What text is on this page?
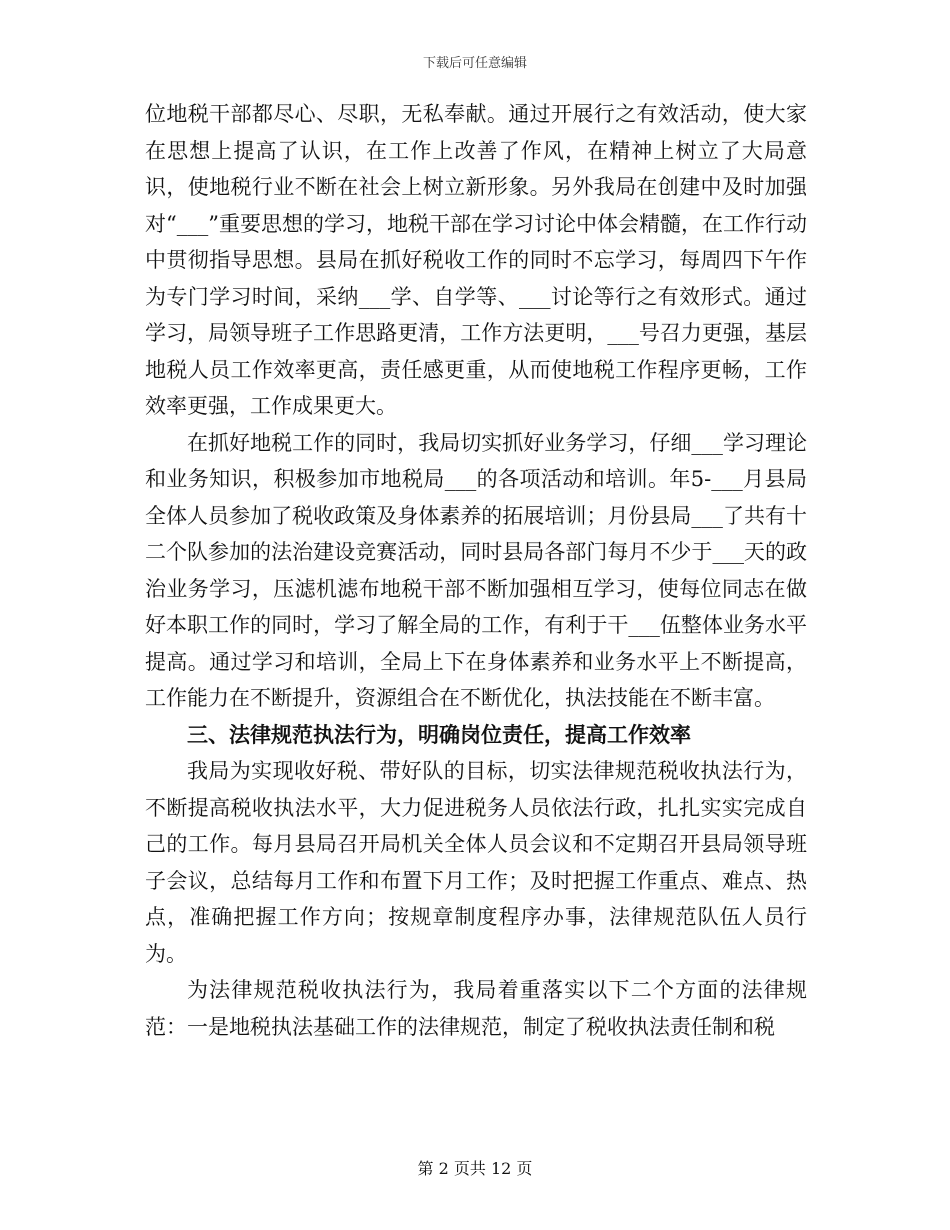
下载后可任意编辑

位地税干部都尽心、尽职，无私奉献。通过开展行之有效活动，使大家在思想上提高了认识，在工作上改善了作风，在精神上树立了大局意识，使地税行业不断在社会上树立新形象。另外我局在创建中及时加强对“___”重要思想的学习，地税干部在学习讨论中体会精髓，在工作行动中贯彻指导思想。县局在抓好税收工作的同时不忘学习，每周四下午作为专门学习时间，采纳___学、自学等、___讨论等行之有效形式。通过学习，局领导班子工作思路更清，工作方法更明，___号召力更强，基层地税人员工作效率更高，责任感更重，从而使地税工作程序更畅，工作效率更强，工作成果更大。

在抓好地税工作的同时，我局切实抓好业务学习，仔细___学习理论和业务知识，积极参加市地税局___的各项活动和培训。年5-___月县局全体人员参加了税收政策及身体素养的拓展培训；月份县局___了共有十二个队参加的法治建设竞赛活动，同时县局各部门每月不少于___天的政治业务学习，压滤机滤布地税干部不断加强相互学习，使每位同志在做好本职工作的同时，学习了解全局的工作，有利于干___伍整体业务水平提高。通过学习和培训，全局上下在身体素养和业务水平上不断提高，工作能力在不断提升，资源组合在不断优化，执法技能在不断丰富。

三、法律规范执法行为，明确岗位责任，提高工作效率

我局为实现收好税、带好队的目标，切实法律规范税收执法行为，不断提高税收执法水平，大力促进税务人员依法行政，扎扎实实完成自己的工作。每月县局召开局机关全体人员会议和不定期召开县局领导班子会议，总结每月工作和布置下月工作；及时把握工作重点、难点、热点，准确把握工作方向；按规章制度程序办事，法律规范队伍人员行为。

为法律规范税收执法行为，我局着重落实以下二个方面的法律规范：一是地税执法基础工作的法律规范，制定了税收执法责任制和税

第 2 页共 12 页
